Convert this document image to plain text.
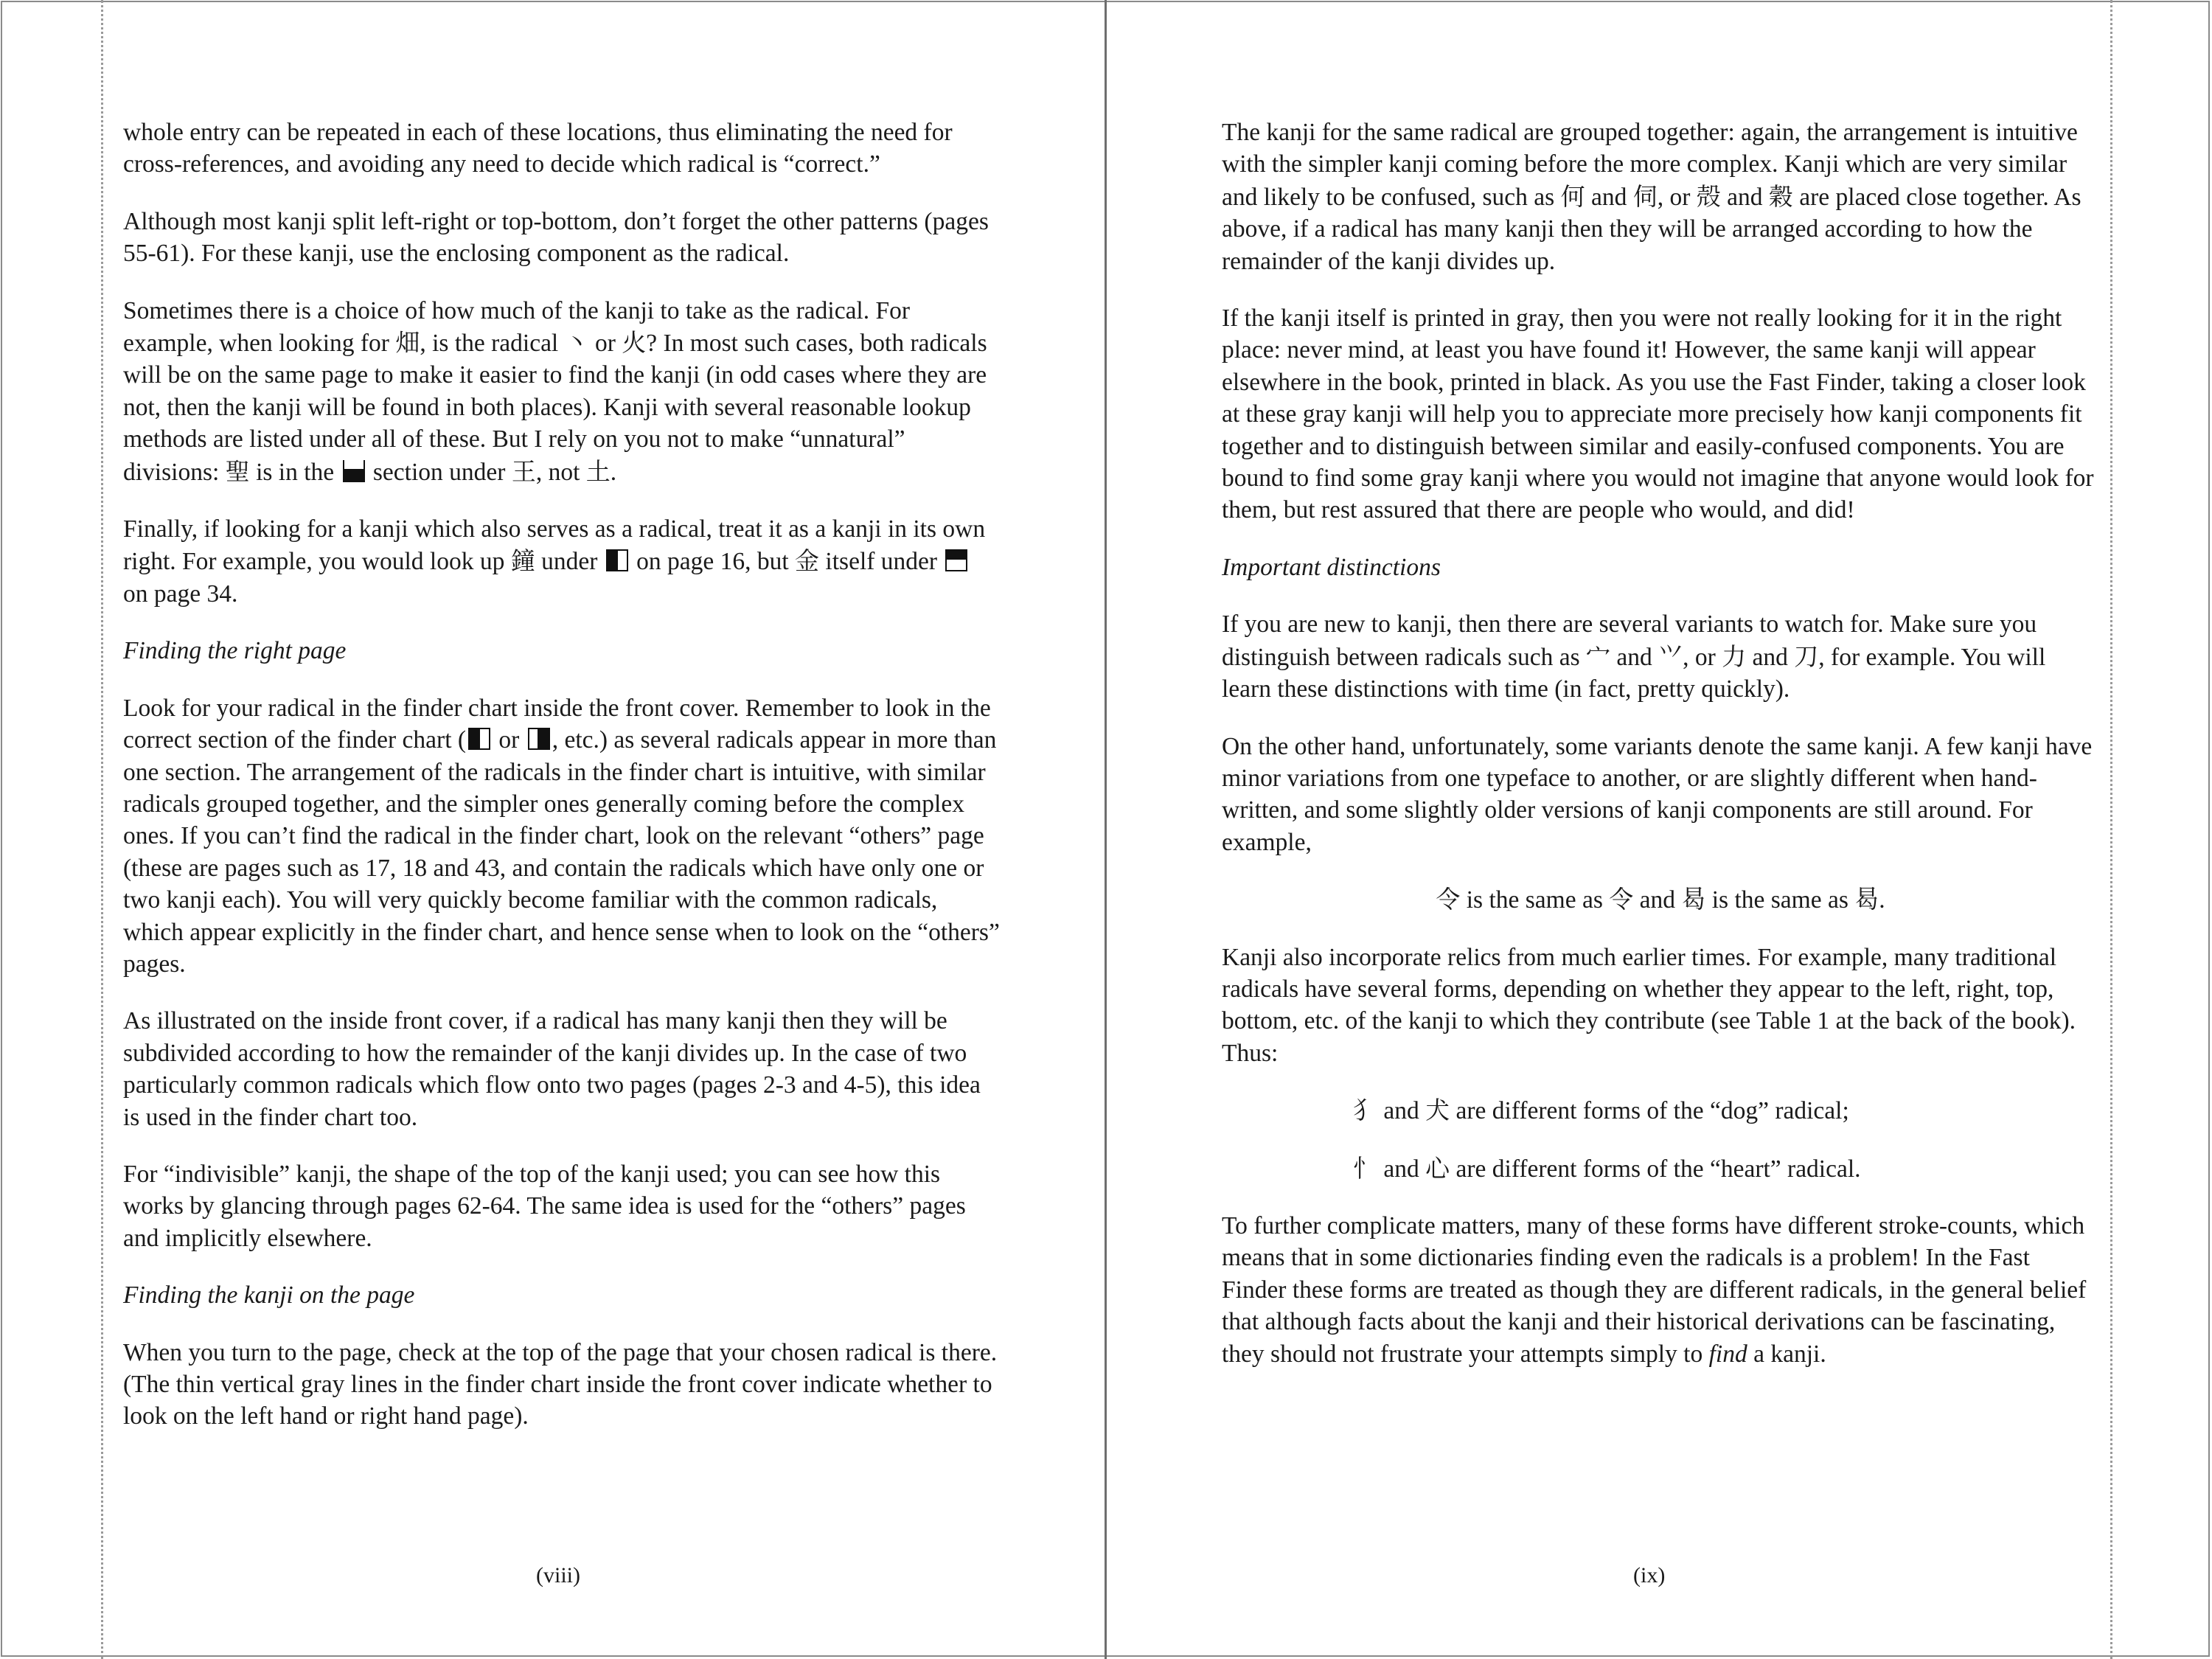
whole entry can be repeated in each of these locations, thus eliminating the need for cross-references, and avoiding any need to decide which radical is “correct.”

Although most kanji split left-right or top-bottom, don’t forget the other patterns (pages 55-61). For these kanji, use the enclosing component as the radical.

Sometimes there is a choice of how much of the kanji to take as the radical. For example, when looking for 畑, is the radical 丶 or 火? In most such cases, both radicals will be on the same page to make it easier to find the kanji (in odd cases where they are not, then the kanji will be found in both places). Kanji with several reasonable lookup methods are listed under all of these. But I rely on you not to make “unnatural” divisions: 聖 is in the
section under 王, not 土.

Finally, if looking for a kanji which also serves as a radical, treat it as a kanji in its own right. For example, you would look up 鐘 under
on page 16, but 金 itself under
on page 34.

Finding the right page

Look for your radical in the finder chart inside the front cover. Remember to look in the correct section of the finder chart (
or
, etc.) as several radicals appear in more than one section. The arrangement of the radicals in the finder chart is intuitive, with similar radicals grouped together, and the simpler ones generally coming before the complex ones. If you can’t find the radical in the finder chart, look on the relevant “others” page (these are pages such as 17, 18 and 43, and contain the radicals which have only one or two kanji each). You will very quickly become familiar with the common radicals, which appear explicitly in the finder chart, and hence sense when to look on the “others” pages.

As illustrated on the inside front cover, if a radical has many kanji then they will be subdivided according to how the remainder of the kanji divides up. In the case of two particularly common radicals which flow onto two pages (pages 2-3 and 4-5), this idea is used in the finder chart too.

For “indivisible” kanji, the shape of the top of the kanji used; you can see how this works by glancing through pages 62-64. The same idea is used for the “others” pages and implicitly elsewhere.

Finding the kanji on the page

When you turn to the page, check at the top of the page that your chosen radical is there. (The thin vertical gray lines in the finder chart inside the front cover indicate whether to look on the left hand or right hand page).

(viii)

The kanji for the same radical are grouped together: again, the arrangement is intuitive with the simpler kanji coming before the more complex. Kanji which are very similar and likely to be confused, such as 何 and 伺, or 殻 and 穀 are placed close together. As above, if a radical has many kanji then they will be arranged according to how the remainder of the kanji divides up.

If the kanji itself is printed in gray, then you were not really looking for it in the right place: never mind, at least you have found it! However, the same kanji will appear elsewhere in the book, printed in black. As you use the Fast Finder, taking a closer look at these gray kanji will help you to appreciate more precisely how kanji components fit together and to distinguish between similar and easily-confused components. You are bound to find some gray kanji where you would not imagine that anyone would look for them, but rest assured that there are people who would, and did!

Important distinctions

If you are new to kanji, then there are several variants to watch for. Make sure you distinguish between radicals such as 宀 and ⺍, or 力 and 刀, for example. You will learn these distinctions with time (in fact, pretty quickly).

On the other hand, unfortunately, some variants denote the same kanji. A few kanji have minor variations from one typeface to another, or are slightly different when hand-written, and some slightly older versions of kanji components are still around. For example,

令 is the same as 令 and 曷 is the same as 曷.

Kanji also incorporate relics from much earlier times. For example, many traditional radicals have several forms, depending on whether they appear to the left, right, top, bottom, etc. of the kanji to which they contribute (see Table 1 at the back of the book). Thus:

犭 and 犬 are different forms of the “dog” radical;

忄 and 心 are different forms of the “heart” radical.

To further complicate matters, many of these forms have different stroke-counts, which means that in some dictionaries finding even the radicals is a problem! In the Fast Finder these forms are treated as though they are different radicals, in the general belief that although facts about the kanji and their historical derivations can be fascinating, they should not frustrate your attempts simply to find a kanji.

(ix)
